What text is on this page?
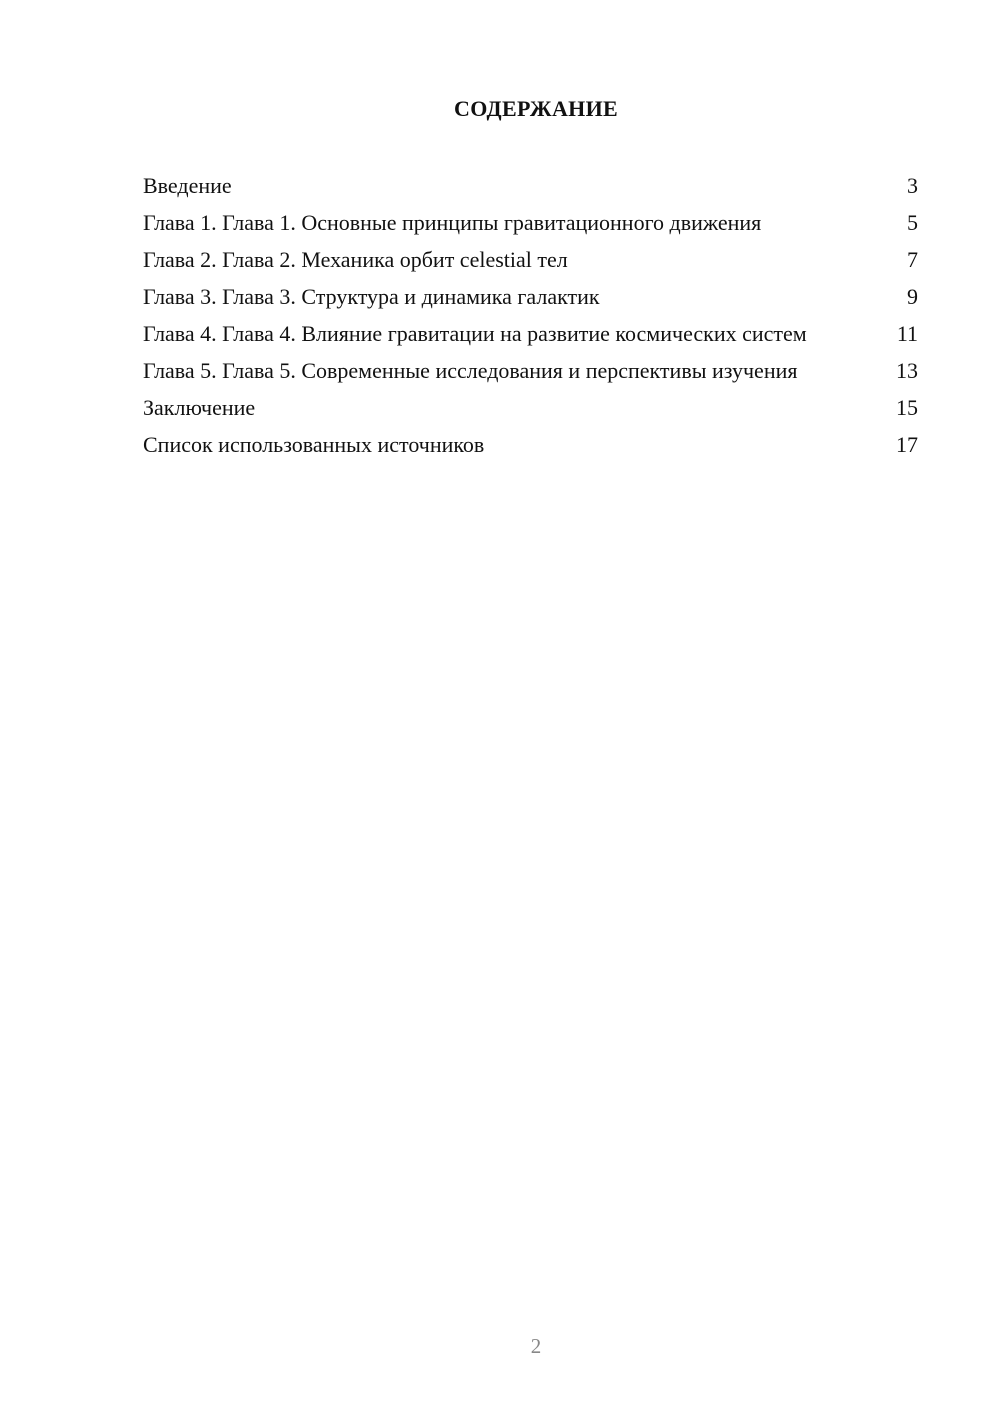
СОДЕРЖАНИЕ
Введение	3
Глава 1. Глава 1. Основные принципы гравитационного движения	5
Глава 2. Глава 2. Механика орбит celestial тел	7
Глава 3. Глава 3. Структура и динамика галактик	9
Глава 4. Глава 4. Влияние гравитации на развитие космических систем	11
Глава 5. Глава 5. Современные исследования и перспективы изучения	13
Заключение	15
Список использованных источников	17
2
